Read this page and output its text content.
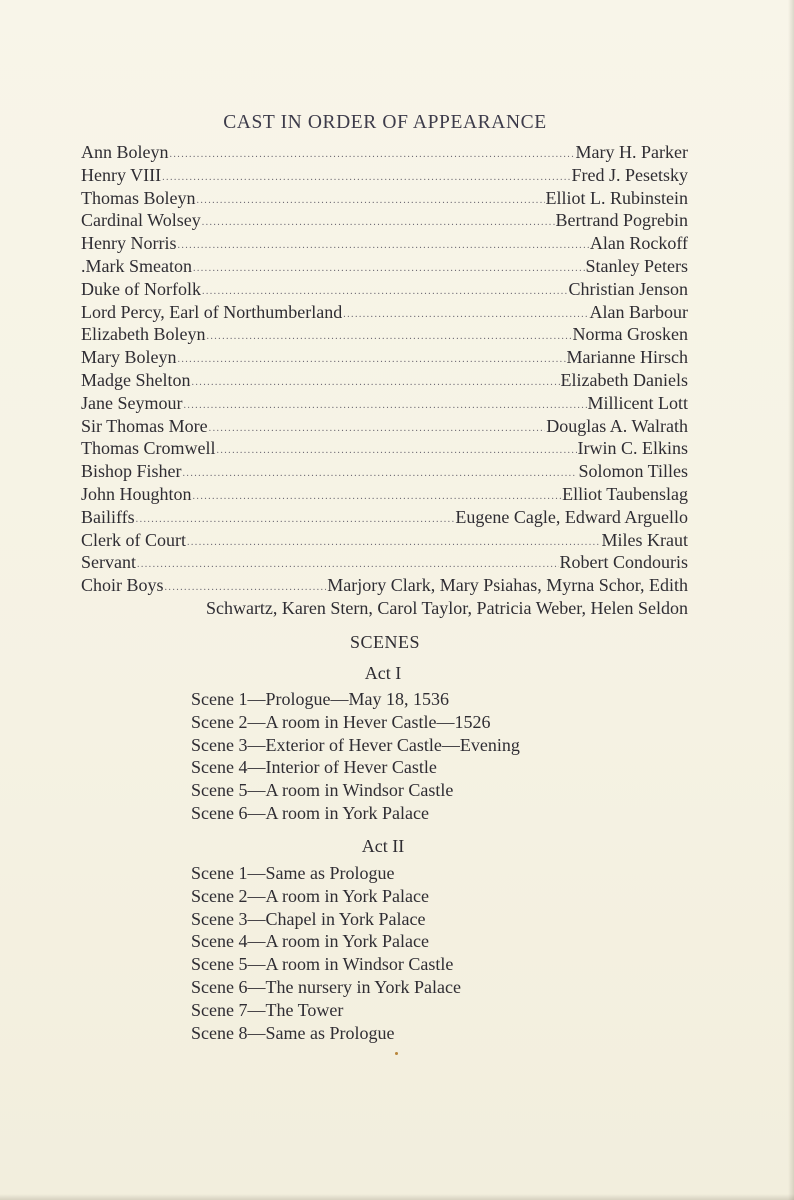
CAST IN ORDER OF APPEARANCE
Ann Boleyn .....	Mary H. Parker
Henry VIII .....	Fred J. Pesetsky
Thomas Boleyn .....	Elliot L. Rubinstein
Cardinal Wolsey .....	Bertrand Pogrebin
Henry Norris .....	Alan Rockoff
.Mark Smeaton .....	Stanley Peters
Duke of Norfolk .....	Christian Jenson
Lord Percy, Earl of Northumberland .....	Alan Barbour
Elizabeth Boleyn .....	Norma Grosken
Mary Boleyn .....	Marianne Hirsch
Madge Shelton .....	Elizabeth Daniels
Jane Seymour .....	Millicent Lott
Sir Thomas More .....	Douglas A. Walrath
Thomas Cromwell .....	Irwin C. Elkins
Bishop Fisher .....	Solomon Tilles
John Houghton .....	Elliot Taubenslag
Bailiffs .....	Eugene Cagle, Edward Arguello
Clerk of Court .....	Miles Kraut
Servant .....	Robert Condouris
Choir Boys .....	Marjory Clark, Mary Psiahas, Myrna Schor, Edith
Schwartz, Karen Stern, Carol Taylor, Patricia Weber, Helen Seldon
SCENES
Act I
Scene 1—Prologue—May 18, 1536
Scene 2—A room in Hever Castle—1526
Scene 3—Exterior of Hever Castle—Evening
Scene 4—Interior of Hever Castle
Scene 5—A room in Windsor Castle
Scene 6—A room in York Palace
Act II
Scene 1—Same as Prologue
Scene 2—A room in York Palace
Scene 3—Chapel in York Palace
Scene 4—A room in York Palace
Scene 5—A room in Windsor Castle
Scene 6—The nursery in York Palace
Scene 7—The Tower
Scene 8—Same as Prologue
